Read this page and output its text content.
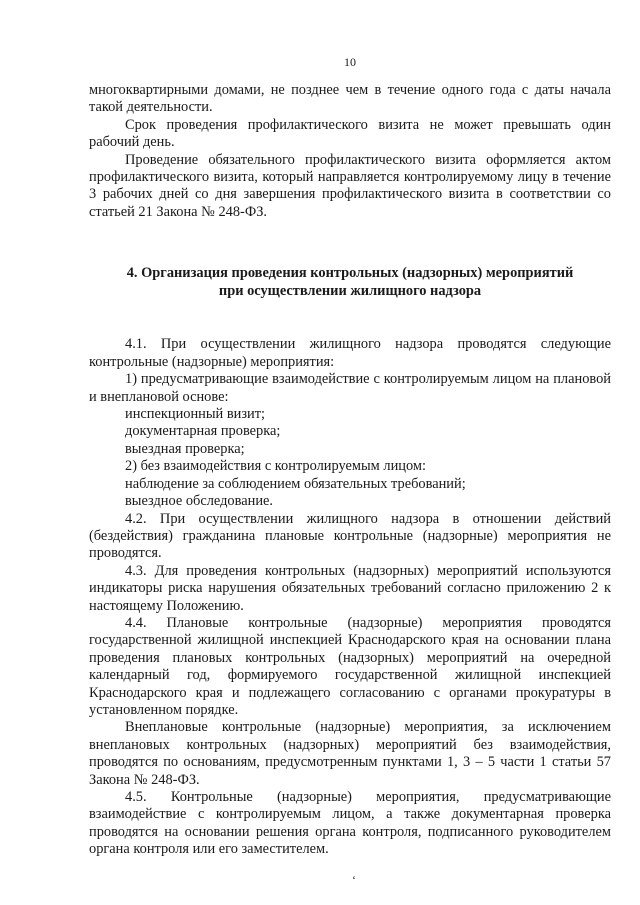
10

многоквартирными домами, не позднее чем в течение одного года с даты начала такой деятельности.

Срок проведения профилактического визита не может превышать один рабочий день.

Проведение обязательного профилактического визита оформляется актом профилактического визита, который направляется контролируемому лицу в течение 3 рабочих дней со дня завершения профилактического визита в соответствии со статьей 21 Закона № 248-ФЗ.

4. Организация проведения контрольных (надзорных) мероприятий

при осуществлении жилищного надзора

4.1. При осуществлении жилищного надзора проводятся следующие контрольные (надзорные) мероприятия:

1) предусматривающие взаимодействие с контролируемым лицом на плановой и внеплановой основе:

инспекционный визит;

документарная проверка;

выездная проверка;

2) без взаимодействия с контролируемым лицом:

наблюдение за соблюдением обязательных требований;

выездное обследование.

4.2. При осуществлении жилищного надзора в отношении действий (бездействия) гражданина плановые контрольные (надзорные) мероприятия не проводятся.

4.3. Для проведения контрольных (надзорных) мероприятий используются индикаторы риска нарушения обязательных требований согласно приложению 2 к настоящему Положению.

4.4. Плановые контрольные (надзорные) мероприятия проводятся государственной жилищной инспекцией Краснодарского края на основании плана проведения плановых контрольных (надзорных) мероприятий на очередной календарный год, формируемого государственной жилищной инспекцией Краснодарского края и подлежащего согласованию с органами прокуратуры в установленном порядке.

Внеплановые контрольные (надзорные) мероприятия, за исключением внеплановых контрольных (надзорных) мероприятий без взаимодействия, проводятся по основаниям, предусмотренным пунктами 1, 3 – 5 части 1 статьи 57 Закона № 248-ФЗ.

4.5. Контрольные (надзорные) мероприятия, предусматривающие взаимодействие с контролируемым лицом, а также документарная проверка проводятся на основании решения органа контроля, подписанного руководителем органа контроля или его заместителем.

ʻ
